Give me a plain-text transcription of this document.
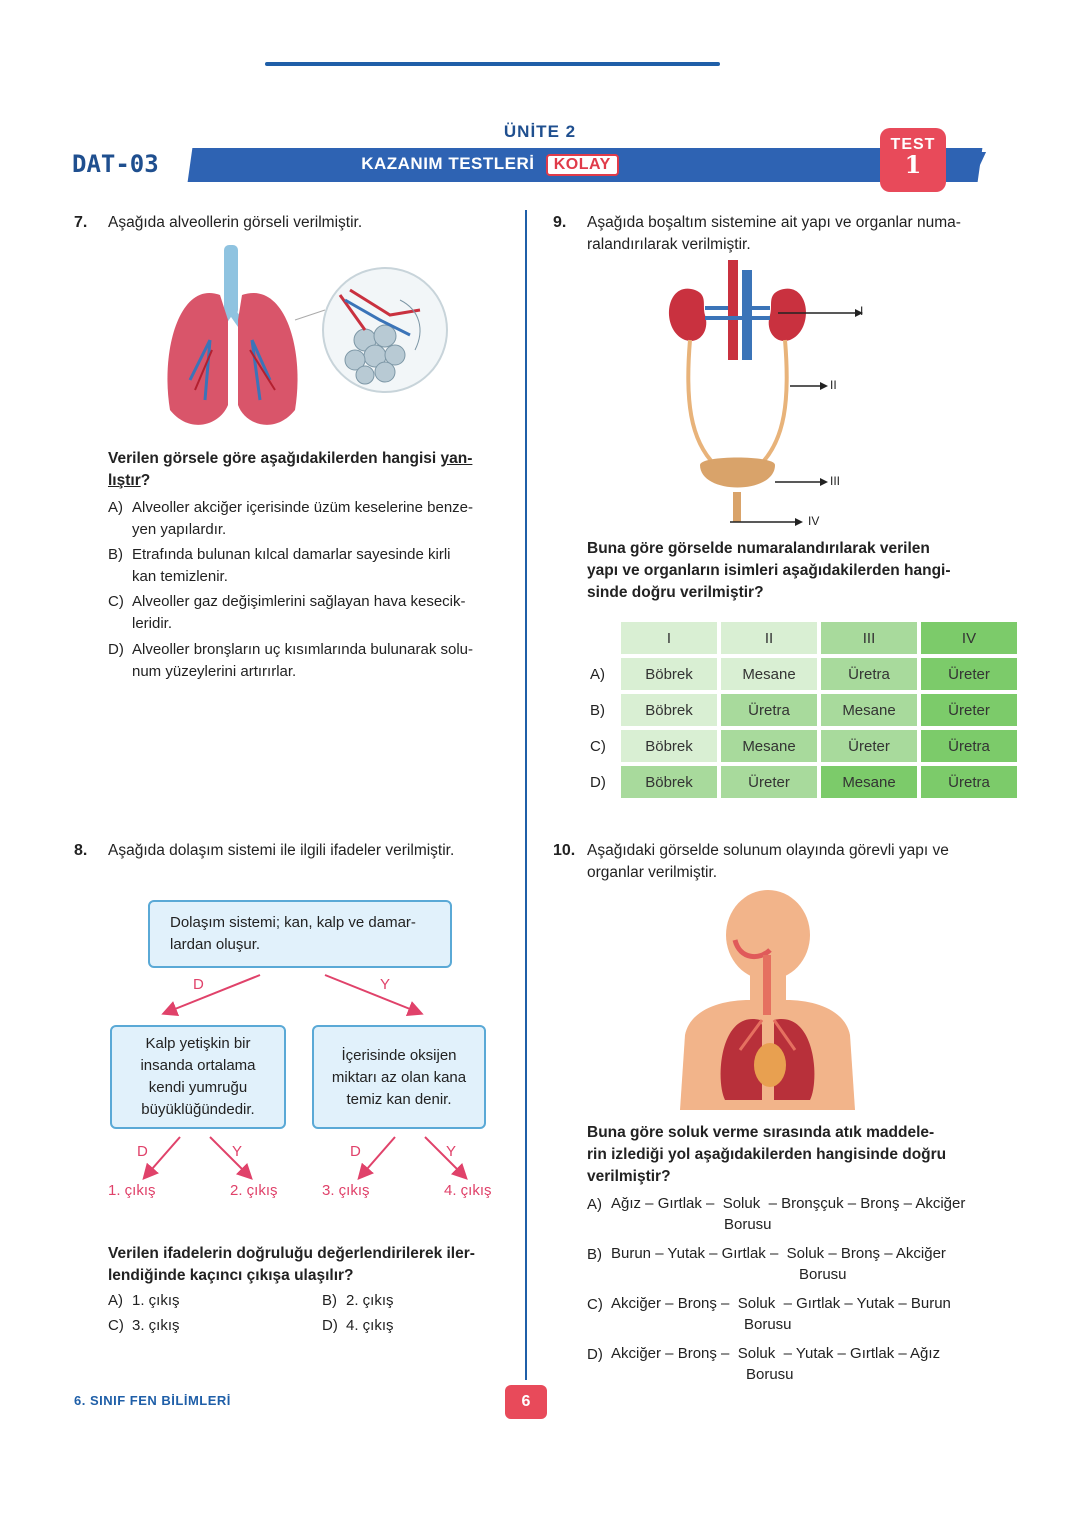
ÜNİTE 2
KAZANIM TESTLERİ KOLAY
DAT-03
TEST
1
7. Aşağıda alveollerin görseli verilmiştir.
Verilen görsele göre aşağıdakilerden hangisi yan-
lıştır?
A) Alveoller akciğer içerisinde üzüm keselerine benze-
yen yapılardır.
B) Etrafında bulunan kılcal damarlar sayesinde kirli
kan temizlenir.
C) Alveoller gaz değişimlerini sağlayan hava kesecik-
leridir.
D) Alveoller bronşların uç kısımlarında bulunarak solu-
num yüzeylerini artırırlar.
8. Aşağıda dolaşım sistemi ile ilgili ifadeler verilmiştir.
Dolaşım sistemi; kan, kalp ve damar-
lardan oluşur.
D	Y
Kalp yetişkin bir
insanda ortalama
kendi yumruğu
büyüklüğündedir.
İçerisinde oksijen
miktarı az olan kana
temiz kan denir.
D	Y	D	Y
1. çıkış	2. çıkış	3. çıkış	4. çıkış
Verilen ifadelerin doğruluğu değerlendirilerek iler-
lendiğinde kaçıncı çıkışa ulaşılır?
A) 1. çıkış	B) 2. çıkış
C) 3. çıkış	D) 4. çıkış
9. Aşağıda boşaltım sistemine ait yapı ve organlar numa-
ralandırılarak verilmiştir.
I
II
III
IV
Buna göre görselde numaralandırılarak verilen
yapı ve organların isimleri aşağıdakilerden hangi-
sinde doğru verilmiştir?
	I	II	III	IV
A)	Böbrek	Mesane	Üretra	Üreter
B)	Böbrek	Üretra	Mesane	Üreter
C)	Böbrek	Mesane	Üreter	Üretra
D)	Böbrek	Üreter	Mesane	Üretra
10. Aşağıdaki görselde solunum olayında görevli yapı ve
organlar verilmiştir.
Buna göre soluk verme sırasında atık maddele-
rin izlediği yol aşağıdakilerden hangisinde doğru
verilmiştir?

A)

Ağız – Gırtlak –  Soluk  – Bronşçuk – Bronş – Akciğer

Borusu

B)

Burun – Yutak – Gırtlak –  Soluk – Bronş – Akciğer

Borusu

C)

Akciğer – Bronş –  Soluk  – Gırtlak – Yutak – Burun

Borusu

D)

Akciğer – Bronş –  Soluk  – Yutak – Gırtlak – Ağız

Borusu

6. SINIF FEN BİLİMLERİ	6
